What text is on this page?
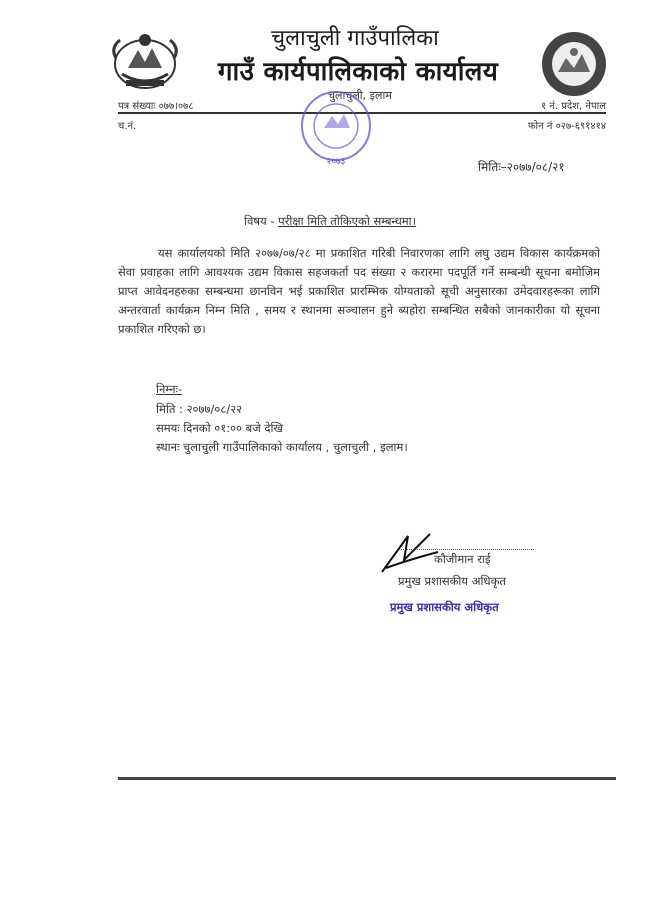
चुलाचुली गाउँपालिका
गाउँ कार्यपालिकाको कार्यालय
चुलाचुली, इलाम
पत्र संख्याः ०७७।०७८	१ नं. प्रदेश, नेपाल
च.नं.	फोन नं ०२७-६९१४१४
२०७३	मितिः–२०७७/०८/२१
विषय - परीक्षा मिति तोकिएको सम्बन्धमा।
यस कार्यालयको मिति २०७७/०७/२८ मा प्रकाशित गरिबी निवारणका लागि लघु उद्यम विकास कार्यक्रमको सेवा प्रवाहका लागि आवश्यक उद्यम विकास सहजकर्ता पद संख्या २ करारमा पदपूर्ति गर्ने सम्बन्धी सूचना बमोजिम प्राप्त आवेदनहरुका सम्बन्धमा छानविन भई प्रकाशित प्रारम्भिक योग्यताको सूची अनुसारका उमेदवारहरूका लागि अन्तरवार्ता कार्यक्रम निम्न मिति , समय र स्थानमा सञ्चालन हुने ब्यहोरा सम्बन्धित सबैको जानकारीका यो सूचना प्रकाशित गरिएको छ।
निम्नः-
मिति : २०७७/०८/२२
समयः दिनको ०१:०० बजे देखि
स्थानः चुलाचुली गाउँपालिकाको कार्यालय , चुलाचुली , इलाम।
कौजीमान राई
प्रमुख प्रशासकीय अधिकृत
प्रमुख प्रशासकीय अधिकृत
